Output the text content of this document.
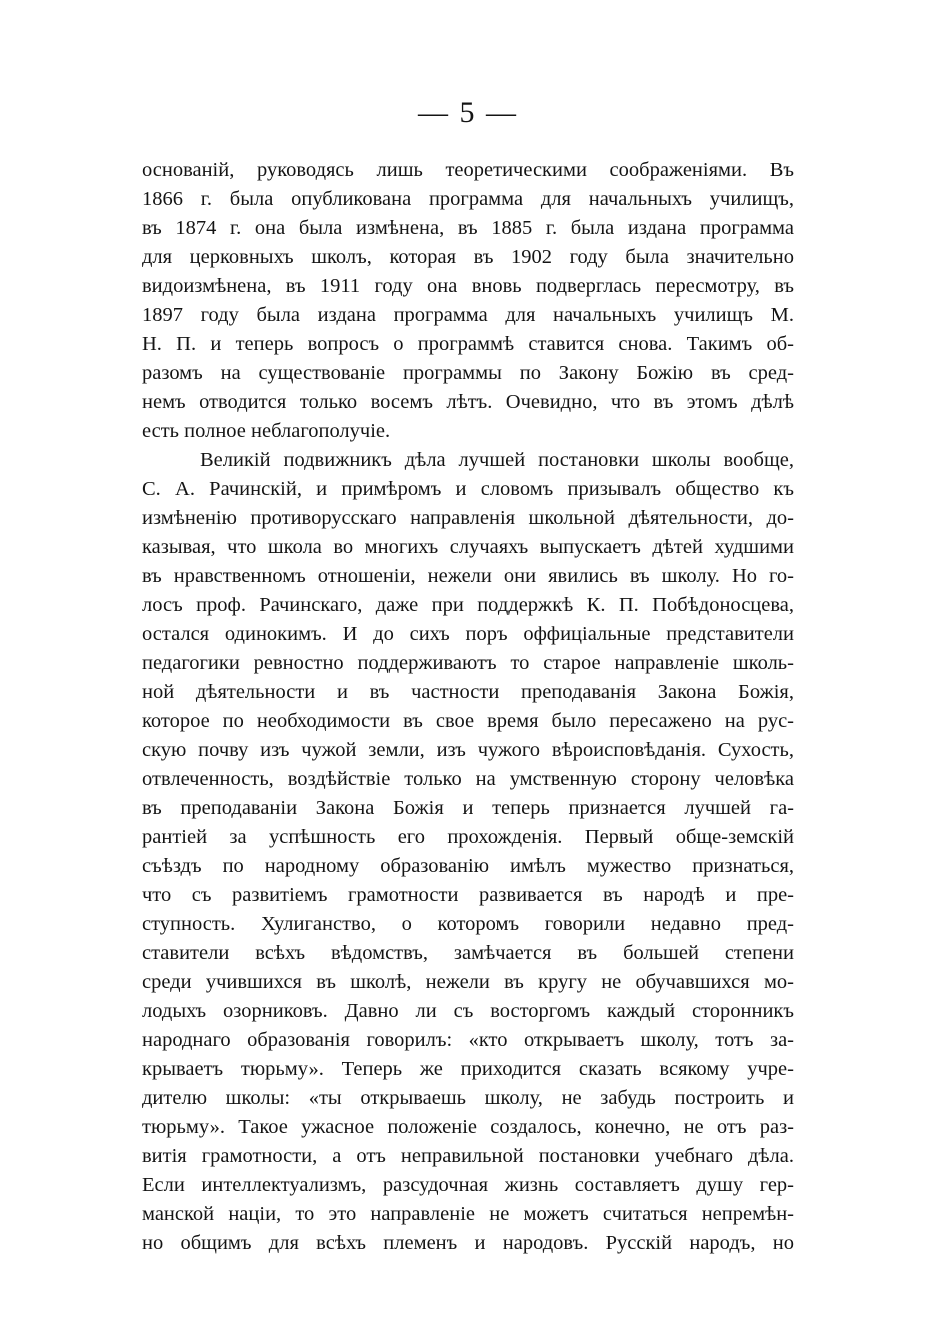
— 5 —
основаній, руководясь лишь теоретическими соображеніями. Въ
1866 г. была опубликована программа для начальныхъ училищъ,
въ 1874 г. она была измѣнена, въ 1885 г. была издана программа
для церковныхъ школъ, которая въ 1902 году была значительно
видоизмѣнена, въ 1911 году она вновь подверглась пересмотру, въ
1897 году была издана программа для начальныхъ училищъ М.
Н. П. и теперь вопросъ о программѣ ставится снова. Такимъ об-
разомъ на существованіе программы по Закону Божію въ сред-
немъ отводится только восемъ лѣтъ. Очевидно, что въ этомъ дѣлѣ
есть полное неблагополучіе.
Великій подвижникъ дѣла лучшей постановки школы вообще,
С. А. Рачинскій, и примѣромъ и словомъ призывалъ общество къ
измѣненію противорусскаго направленія школьной дѣятельности, до-
казывая, что школа во многихъ случаяхъ выпускаетъ дѣтей худшими
въ нравственномъ отношеніи, нежели они явились въ школу. Но го-
лосъ проф. Рачинскаго, даже при поддержкѣ К. П. Побѣдоносцева,
остался одинокимъ. И до сихъ поръ оффиціальные представители
педагогики ревностно поддерживаютъ то старое направленіе школь-
ной дѣятельности и въ частности преподаванія Закона Божія,
которое по необходимости въ свое время было пересажено на рус-
скую почву изъ чужой земли, изъ чужого вѣроисповѣданія. Сухость,
отвлеченность, воздѣйствіе только на умственную сторону человѣка
въ преподаваніи Закона Божія и теперь признается лучшей га-
рантіей за успѣшность его прохожденія. Первый обще-земскій
съѣздъ по народному образованію имѣлъ мужество признаться,
что съ развитіемъ грамотности развивается въ народѣ и пре-
ступность. Хулиганство, о которомъ говорили недавно пред-
ставители всѣхъ вѣдомствъ, замѣчается въ большей степени
среди учившихся въ школѣ, нежели въ кругу не обучавшихся мо-
лодыхъ озорниковъ. Давно ли съ восторгомъ каждый сторонникъ
народнаго образованія говорилъ: «кто открываетъ школу, тотъ за-
крываетъ тюрьму». Теперь же приходится сказать всякому учре-
дителю школы: «ты открываешь школу, не забудь построить и
тюрьму». Такое ужасное положеніе создалось, конечно, не отъ раз-
витія грамотности, а отъ неправильной постановки учебнаго дѣла.
Если интеллектуализмъ, разсудочная жизнь составляетъ душу гер-
манской націи, то это направленіе не можетъ считаться непремѣн-
но общимъ для всѣхъ племенъ и народовъ. Русскій народъ, но
